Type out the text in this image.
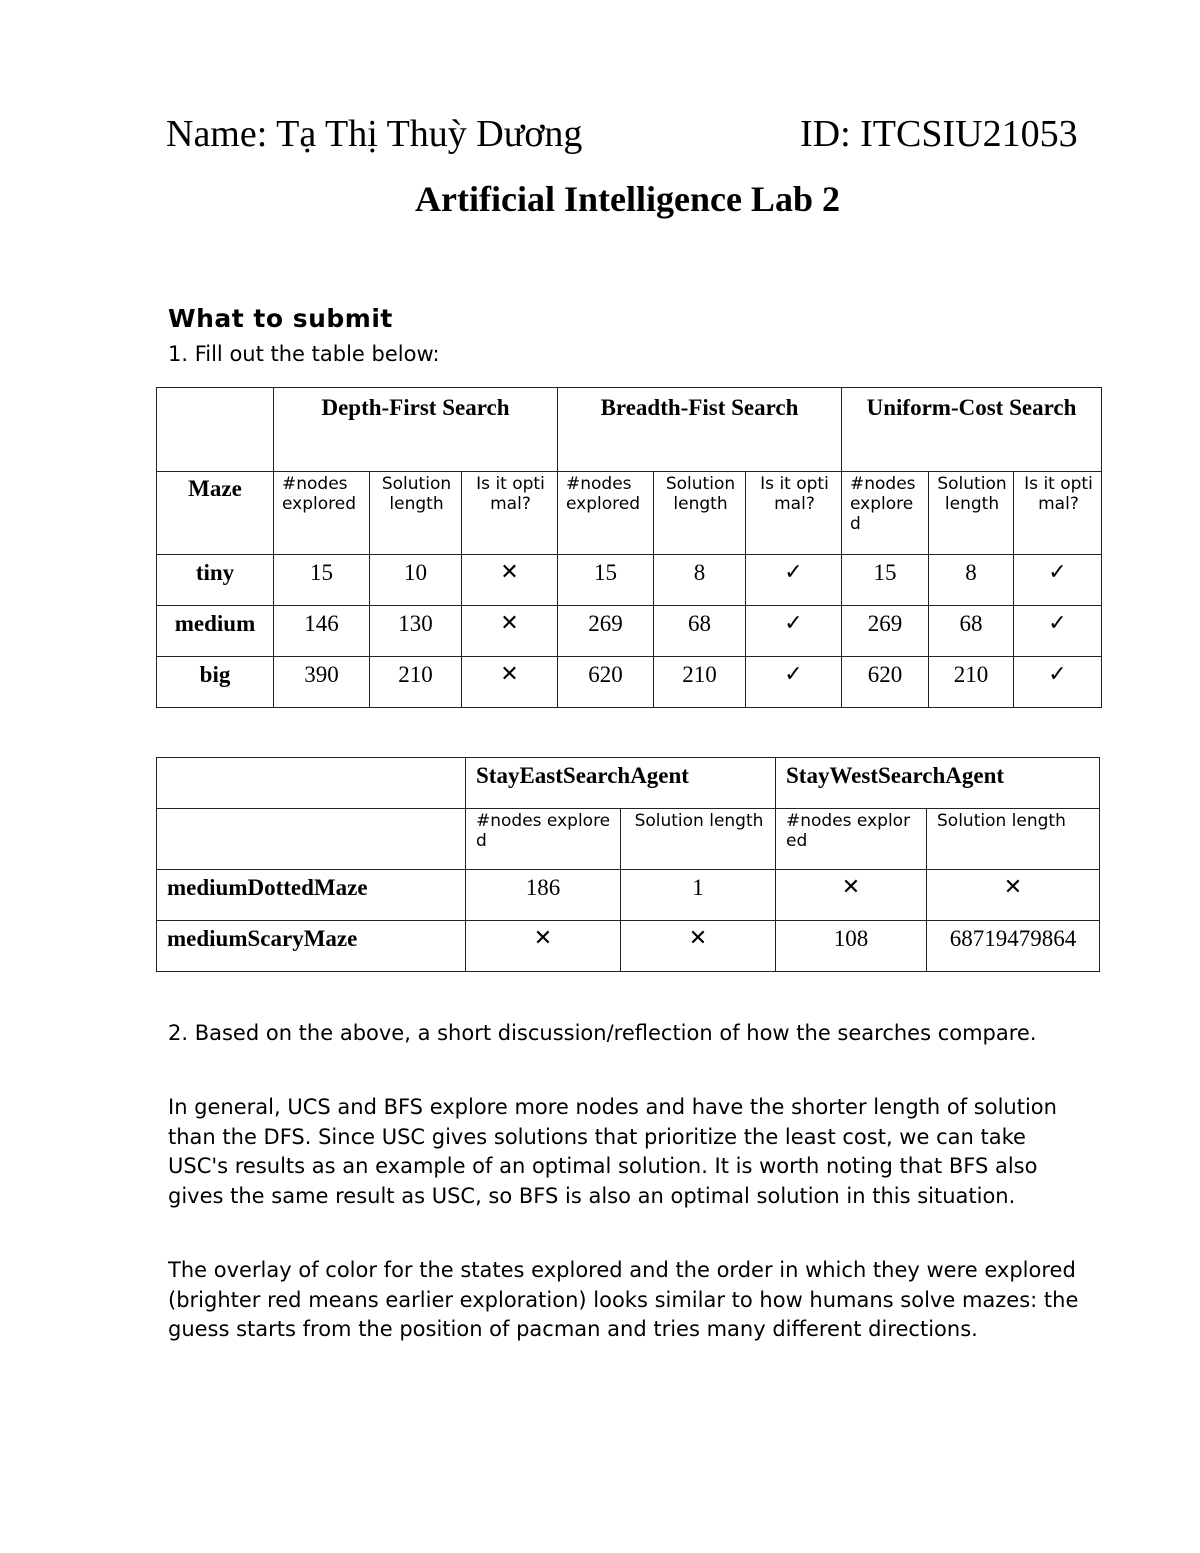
Name: Tạ Thị Thuỳ Dương	ID: ITCSIU21053
Artificial Intelligence Lab 2
What to submit
1. Fill out the table below:
	Depth-First Search			Breadth-Fist Search			Uniform-Cost Search		
Maze	#nodes explored	Solution length	Is it optimal?	#nodes explored	Solution length	Is it optimal?	#nodes explored	Solution length	Is it optimal?
tiny	15	10	✕	15	8	✓	15	8	✓
medium	146	130	✕	269	68	✓	269	68	✓
big	390	210	✕	620	210	✓	620	210	✓
	StayEastSearchAgent		StayWestSearchAgent	
	#nodes explored	Solution length	#nodes explored	Solution length
mediumDottedMaze	186	1	✕	✕
mediumScaryMaze	✕	✕	108	68719479864
2. Based on the above, a short discussion/reflection of how the searches compare.
In general, UCS and BFS explore more nodes and have the shorter length of solution than the DFS. Since USC gives solutions that prioritize the least cost, we can take USC's results as an example of an optimal solution. It is worth noting that BFS also gives the same result as USC, so BFS is also an optimal solution in this situation.
The overlay of color for the states explored and the order in which they were explored (brighter red means earlier exploration) looks similar to how humans solve mazes: the guess starts from the position of pacman and tries many different directions.
